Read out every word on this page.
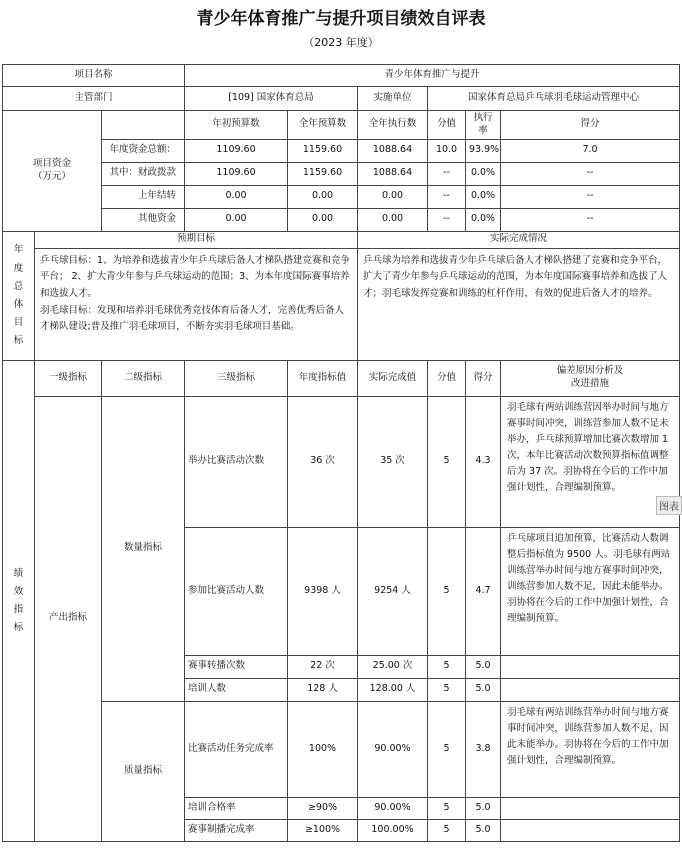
青少年体育推广与提升项目绩效自评表
（2023 年度）
项目名称			青少年体育推广与提升					
主管部门			[109] 国家体育总局		实施单位	国家体育总局乒乓球羽毛球运动管理中心		
项目资金
（万元）			年初预算数	全年预算数	全年执行数	分值	执行率	得分
		年度资金总额：	1109.60	1159.60	1088.64	10.0	93.9%	7.0
		其中：财政拨款	1109.60	1159.60	1088.64	--	0.0%	--
		上年结转	0.00	0.00	0.00	--	0.0%	--
		其他资金	0.00	0.00	0.00	--	0.0%	--

年度总体目标	预期目标				实际完成情况			

	乒乓球目标：1、为培养和选拔青少年乒乓球后备人才梯队搭建竞赛和竞争平台； 2、扩大青少年参与乒乓球运动的范围；3、为本年度国际赛事培养和选拔人才。
羽毛球目标：发现和培养羽毛球优秀竞技体育后备人才，完善优秀后备人才梯队建设;普及推广羽毛球项目，不断夯实羽毛球项目基础。				乒乓球为培养和选拔青少年乒乓球后备人才梯队搭建了竞赛和竞争平台，扩大了青少年参与乒乓球运动的范围，为本年度国际赛事培养和选拔了人才；羽毛球发挥竞赛和训练的杠杆作用，有效的促进后备人才的培养。			

绩效指标	一级指标	二级指标	三级指标	年度指标值	实际完成值	分值	得分	偏差原因分析及
改进措施
	产出指标	数量指标	举办比赛活动次数	36 次	35 次	5	4.3	羽毛球有两站训练营因举办时间与地方赛事时间冲突，训练营参加人数不足未举办，乒乓球预算增加比赛次数增加 1 次，本年比赛活动次数预算指标值调整后为 37 次。羽协将在今后的工作中加强计划性，合理编制预算。
			参加比赛活动人数	9398 人	9254 人	5	4.7	乒乓球项目追加预算，比赛活动人数调整后指标值为 9500 人。羽毛球有两站训练营举办时间与地方赛事时间冲突，训练营参加人数不足，因此未能举办。羽协将在今后的工作中加强计划性，合理编制预算。
			赛事转播次数	22 次	25.00 次	5	5.0	
			培训人数	128 人	128.00 人	5	5.0	
		质量指标	比赛活动任务完成率	100%	90.00%	5	3.8	羽毛球有两站训练营举办时间与地方赛事时间冲突，训练营参加人数不足，因此未能举办。羽协将在今后的工作中加强计划性，合理编制预算。
			培训合格率	≥90%	90.00%	5	5.0	
			赛事制播完成率	≥100%	100.00%	5	5.0	
图表
